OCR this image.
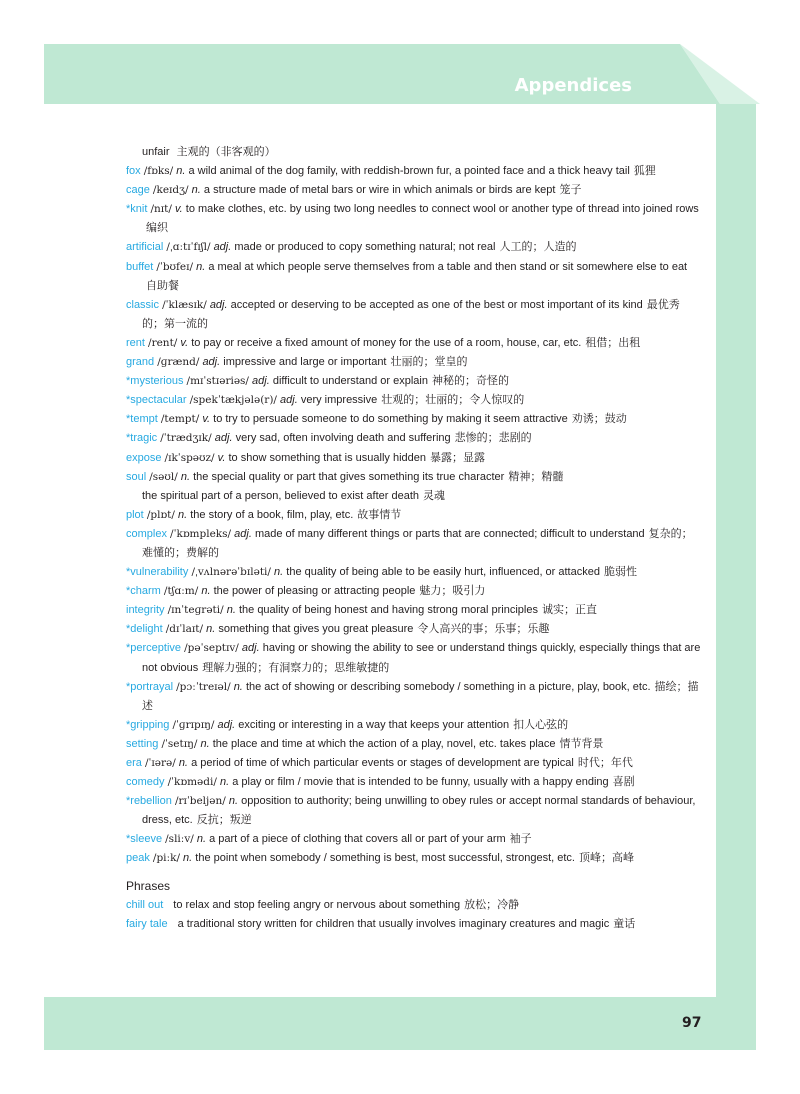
Appendices
97
unfair 主观的（非客观的）
fox /fɒks/ n. a wild animal of the dog family, with reddish-brown fur, a pointed face and a thick heavy tail 狐狸
cage /keɪdʒ/ n. a structure made of metal bars or wire in which animals or birds are kept 笼子
*knit /nɪt/ v. to make clothes, etc. by using two long needles to connect wool or another type of thread into joined rows编织
artificial /ˌɑːtɪˈfɪʃl/ adj. made or produced to copy something natural; not real 人工的；人造的
buffet /ˈbʊfeɪ/ n. a meal at which people serve themselves from a table and then stand or sit somewhere else to eat自助餐
classic /ˈklæsɪk/ adj. accepted or deserving to be accepted as one of the best or most important of its kind 最优秀的；第一流的
rent /rent/ v. to pay or receive a fixed amount of money for the use of a room, house, car, etc. 租借；出租
grand /ɡrænd/ adj. impressive and large or important 壮丽的；堂皇的
*mysterious /mɪˈstɪəriəs/ adj. difficult to understand or explain 神秘的；奇怪的
*spectacular /spekˈtækjələ(r)/ adj. very impressive 壮观的；壮丽的；令人惊叹的
*tempt /tempt/ v. to try to persuade someone to do something by making it seem attractive 劝诱；鼓动
*tragic /ˈtrædʒɪk/ adj. very sad, often involving death and suffering 悲惨的；悲剧的
expose /ɪkˈspəʊz/ v. to show something that is usually hidden 暴露；显露
soul /səʊl/ n. the special quality or part that gives something its true character 精神；精髓
the spiritual part of a person, believed to exist after death 灵魂
plot /plɒt/ n. the story of a book, film, play, etc. 故事情节
complex /ˈkɒmpleks/ adj. made of many different things or parts that are connected; difficult to understand 复杂的；难懂的；费解的
*vulnerability /ˌvʌlnərəˈbɪləti/ n. the quality of being able to be easily hurt, influenced, or attacked 脆弱性
*charm /tʃɑːm/ n. the power of pleasing or attracting people 魅力；吸引力
integrity /ɪnˈteɡrəti/ n. the quality of being honest and having strong moral principles 诚实；正直
*delight /dɪˈlaɪt/ n. something that gives you great pleasure 令人高兴的事；乐事；乐趣
*perceptive /pəˈseptɪv/ adj. having or showing the ability to see or understand things quickly, especially things that are not obvious 理解力强的；有洞察力的；思维敏捷的
*portrayal /pɔːˈtreɪəl/ n. the act of showing or describing somebody / something in a picture, play, book, etc. 描绘；描述
*gripping /ˈɡrɪpɪŋ/ adj. exciting or interesting in a way that keeps your attention 扣人心弦的
setting /ˈsetɪŋ/ n. the place and time at which the action of a play, novel, etc. takes place 情节背景
era /ˈɪərə/ n. a period of time of which particular events or stages of development are typical 时代；年代
comedy /ˈkɒmədi/ n. a play or film / movie that is intended to be funny, usually with a happy ending 喜剧
*rebellion /rɪˈbeljən/ n. opposition to authority; being unwilling to obey rules or accept normal standards of behaviour, dress, etc. 反抗；叛逆
*sleeve /sliːv/ n. a part of a piece of clothing that covers all or part of your arm 袖子
peak /piːk/ n. the point when somebody / something is best, most successful, strongest, etc. 顶峰；高峰
Phrases
chill out to relax and stop feeling angry or nervous about something 放松；冷静
fairy tale a traditional story written for children that usually involves imaginary creatures and magic 童话
